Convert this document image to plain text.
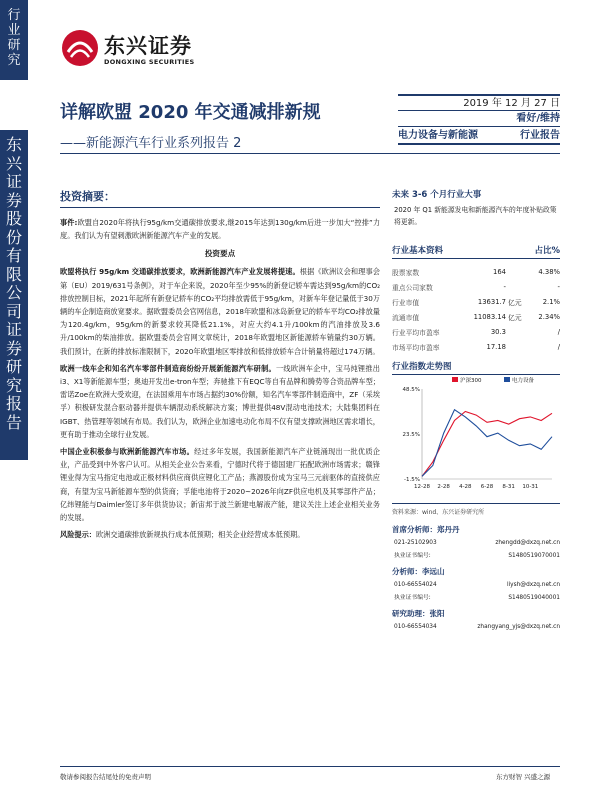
行
业
研
究
东
兴
证
券
股
份
有
限
公
司
证
券
研
究
报
告
东兴证券
DONGXING SECURITIES
详解欧盟 2020 年交通减排新规
——新能源汽车行业系列报告 2
2019 年 12 月 27 日
看好/维持
电力设备与新能源	行业报告
投资摘要：
事件:欧盟自2020年将执行95g/km交通碳排放要求,继2015年达到130g/km后进一步加大“控排”力度。我们认为有望刺激欧洲新能源汽车产业的发展。
投资要点
欧盟将执行 95g/km 交通碳排放要求，欧洲新能源汽车产业发展将提速。根据《欧洲议会和理事会第（EU）2019/631号条例》，对于车企来说，2020年至少95%的新登记轿车需达到95g/km的CO₂排放控制目标，2021年起所有新登记轿车的CO₂平均排放需低于95g/km，对新车年登记量低于30万辆的车企制造商放宽要求。据欧盟委员会官网信息，2018年欧盟和冰岛新登记的轿车平均CO₂排放量为120.4g/km，95g/km的新要求较其降低21.1%，对应大约4.1升/100km的汽油排放及3.6升/100km的柴油排放。据欧盟委员会官网文章统计，2018年欧盟地区新能源轿车销量约30万辆。我们预计，在新的排放标准限制下，2020年欧盟地区零排放和低排放轿车合计销量将超过174万辆。
欧洲一线车企和知名汽车零部件制造商纷纷开展新能源汽车研制。一线欧洲车企中，宝马纯锂推出i3、X1等新能源车型；奥迪开发出e-tron车型；奔驰推下有EQC等自有品牌和腾势等合资品牌车型；雷诺Zoe在欧洲大受欢迎，在法国乘用车市场占据约30%份额，知名汽车零部件制造商中，ZF（采埃孚）积极研发混合驱动器并提供车辆混动系统解决方案；博世提供48V混动电池技术；大陆集团料在IGBT、热管理等领域有布局。我们认为，欧洲企业加速电动化布局不仅有望支撑欧洲地区需求增长，更有助于推动全球行业发展。
中国企业积极参与欧洲新能源汽车市场。经过多年发展，我国新能源汽车产业链涌现出一批优质企业，产品受到中外客户认可。从相关企业公告来看，宁德时代将于德国建厂拓配欧洲市场需求；赣锋锂业得为宝马指定电池或正极材料供应商供应锂化工产品；燕源股份成为宝马三元前驱体的直接供应商，有望为宝马新能源车型的供货商；孚能电池将于2020~2026年向ZF供应电机及其零部件产品；亿纬锂能与Daimler签订多年供货协议；新宙邦于波兰新建电解液产能，建议关注上述企业相关业务的发展。
风险提示：欧洲交通碳排放新规执行成本低预期；相关企业经营成本低预期。
未来 3-6 个月行业大事
2020 年 Q1 新能源发电和新能源汽车的年度补贴政策将更新。
行业基本资料	占比%
股票家数	164		4.38%
重点公司家数	-		-
行业市值	13631.7	亿元	2.1%
流通市值	11083.14	亿元	2.34%
行业平均市盈率	30.3		/
市场平均市盈率	17.18		/
行业指数走势图
48.5%
23.5%
-1.5%
12-28 2-28 4-28 6-28 8-31 10-31
沪深300	电力设备
资料来源：wind、东兴证券研究所
首席分析师：郑丹丹
021-25102903	zhengdd@dxzq.net.cn
执业证书编号:	S1480519070001
分析师：李远山
010-66554024	liysh@dxzq.net.cn
执业证书编号:	S1480519040001
研究助理：张阳
010-66554034	zhangyang_yjs@dxzq.net.cn
敬请参阅报告结尾处的免责声明	东方财智 兴盛之源
